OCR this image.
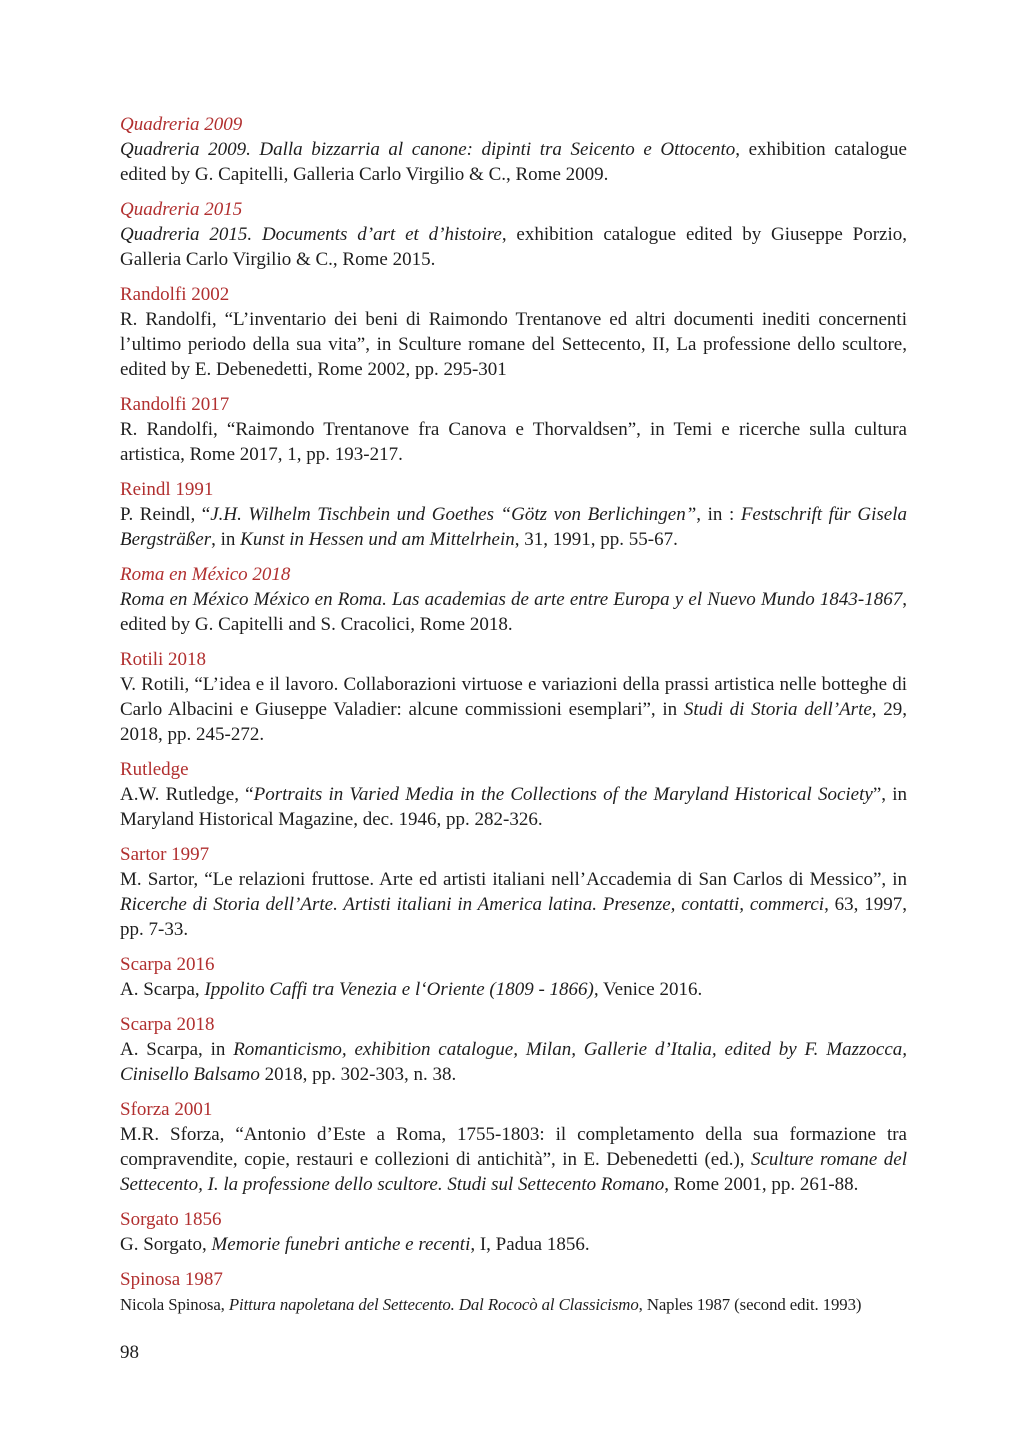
Quadreria 2009

Quadreria 2009. Dalla bizzarria al canone: dipinti tra Seicento e Ottocento, exhibition catalogue edited by G. Capitelli, Galleria Carlo Virgilio & C., Rome 2009.

Quadreria 2015

Quadreria 2015. Documents d’art et d’histoire, exhibition catalogue edited by Giuseppe Porzio, Galleria Carlo Virgilio & C., Rome 2015.

Randolfi 2002

R. Randolfi, “L’inventario dei beni di Raimondo Trentanove ed altri documenti inediti concernenti l’ultimo periodo della sua vita”, in Sculture romane del Settecento, II, La professione dello scultore, edited by E. Debenedetti, Rome 2002, pp. 295-301

Randolfi 2017

R. Randolfi, “Raimondo Trentanove fra Canova e Thorvaldsen”, in Temi e ricerche sulla cultura artistica, Rome 2017, 1, pp. 193-217.

Reindl 1991

P. Reindl, “J.H. Wilhelm Tischbein und Goethes “Götz von Berlichingen”, in : Festschrift für Gisela Bergsträßer, in Kunst in Hessen und am Mittelrhein, 31, 1991, pp. 55-67.

Roma en México 2018

Roma en México México en Roma. Las academias de arte entre Europa y el Nuevo Mundo 1843-1867, edited by G. Capitelli and S. Cracolici, Rome 2018.

Rotili 2018

V. Rotili, “L’idea e il lavoro. Collaborazioni virtuose e variazioni della prassi artistica nelle botteghe di Carlo Albacini e Giuseppe Valadier: alcune commissioni esemplari”, in Studi di Storia dell’Arte, 29, 2018, pp. 245-272.

Rutledge

A.W. Rutledge, “Portraits in Varied Media in the Collections of the Maryland Historical Society”, in Maryland Historical Magazine, dec. 1946, pp. 282-326.

Sartor 1997

M. Sartor, “Le relazioni fruttose. Arte ed artisti italiani nell’Accademia di San Carlos di Messico”, in Ricerche di Storia dell’Arte. Artisti italiani in America latina. Presenze, contatti, commerci, 63, 1997, pp. 7-33.

Scarpa 2016

A. Scarpa, Ippolito Caffi tra Venezia e l‘Oriente (1809 - 1866), Venice 2016.

Scarpa 2018

A. Scarpa, in Romanticismo, exhibition catalogue, Milan, Gallerie d’Italia, edited by F. Mazzocca, Cinisello Balsamo 2018, pp. 302-303, n. 38.

Sforza 2001

M.R. Sforza, “Antonio d’Este a Roma, 1755-1803: il completamento della sua formazione tra compravendite, copie, restauri e collezioni di antichità”, in E. Debenedetti (ed.), Sculture romane del Settecento, I. la professione dello scultore. Studi sul Settecento Romano, Rome 2001, pp. 261-88.

Sorgato 1856

G. Sorgato, Memorie funebri antiche e recenti, I, Padua 1856.

Spinosa 1987

Nicola Spinosa, Pittura napoletana del Settecento. Dal Rococò al Classicismo, Naples 1987 (second edit. 1993)

98
